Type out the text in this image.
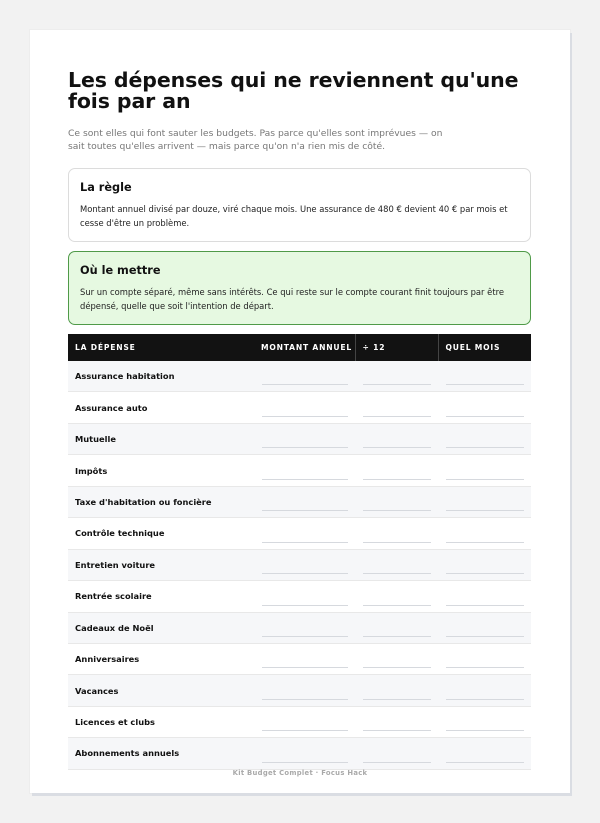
Les dépenses qui ne reviennent qu'une fois par an

Ce sont elles qui font sauter les budgets. Pas parce qu'elles sont imprévues — on sait toutes qu'elles arrivent — mais parce qu'on n'a rien mis de côté.

La règle

Montant annuel divisé par douze, viré chaque mois. Une assurance de 480 € devient 40 € par mois et cesse d'être un problème.

Où le mettre

Sur un compte séparé, même sans intérêts. Ce qui reste sur le compte courant finit toujours par être dépensé, quelle que soit l'intention de départ.

LA DÉPENSE	MONTANT ANNUEL	÷ 12	QUEL MOIS
Assurance habitation	

Assurance auto	

Mutuelle	

Impôts	

Taxe d'habitation ou foncière	

Contrôle technique	

Entretien voiture	

Rentrée scolaire	

Cadeaux de Noël	

Anniversaires	

Vacances	

Licences et clubs	

Abonnements annuels	

Kit Budget Complet · Focus Hack
